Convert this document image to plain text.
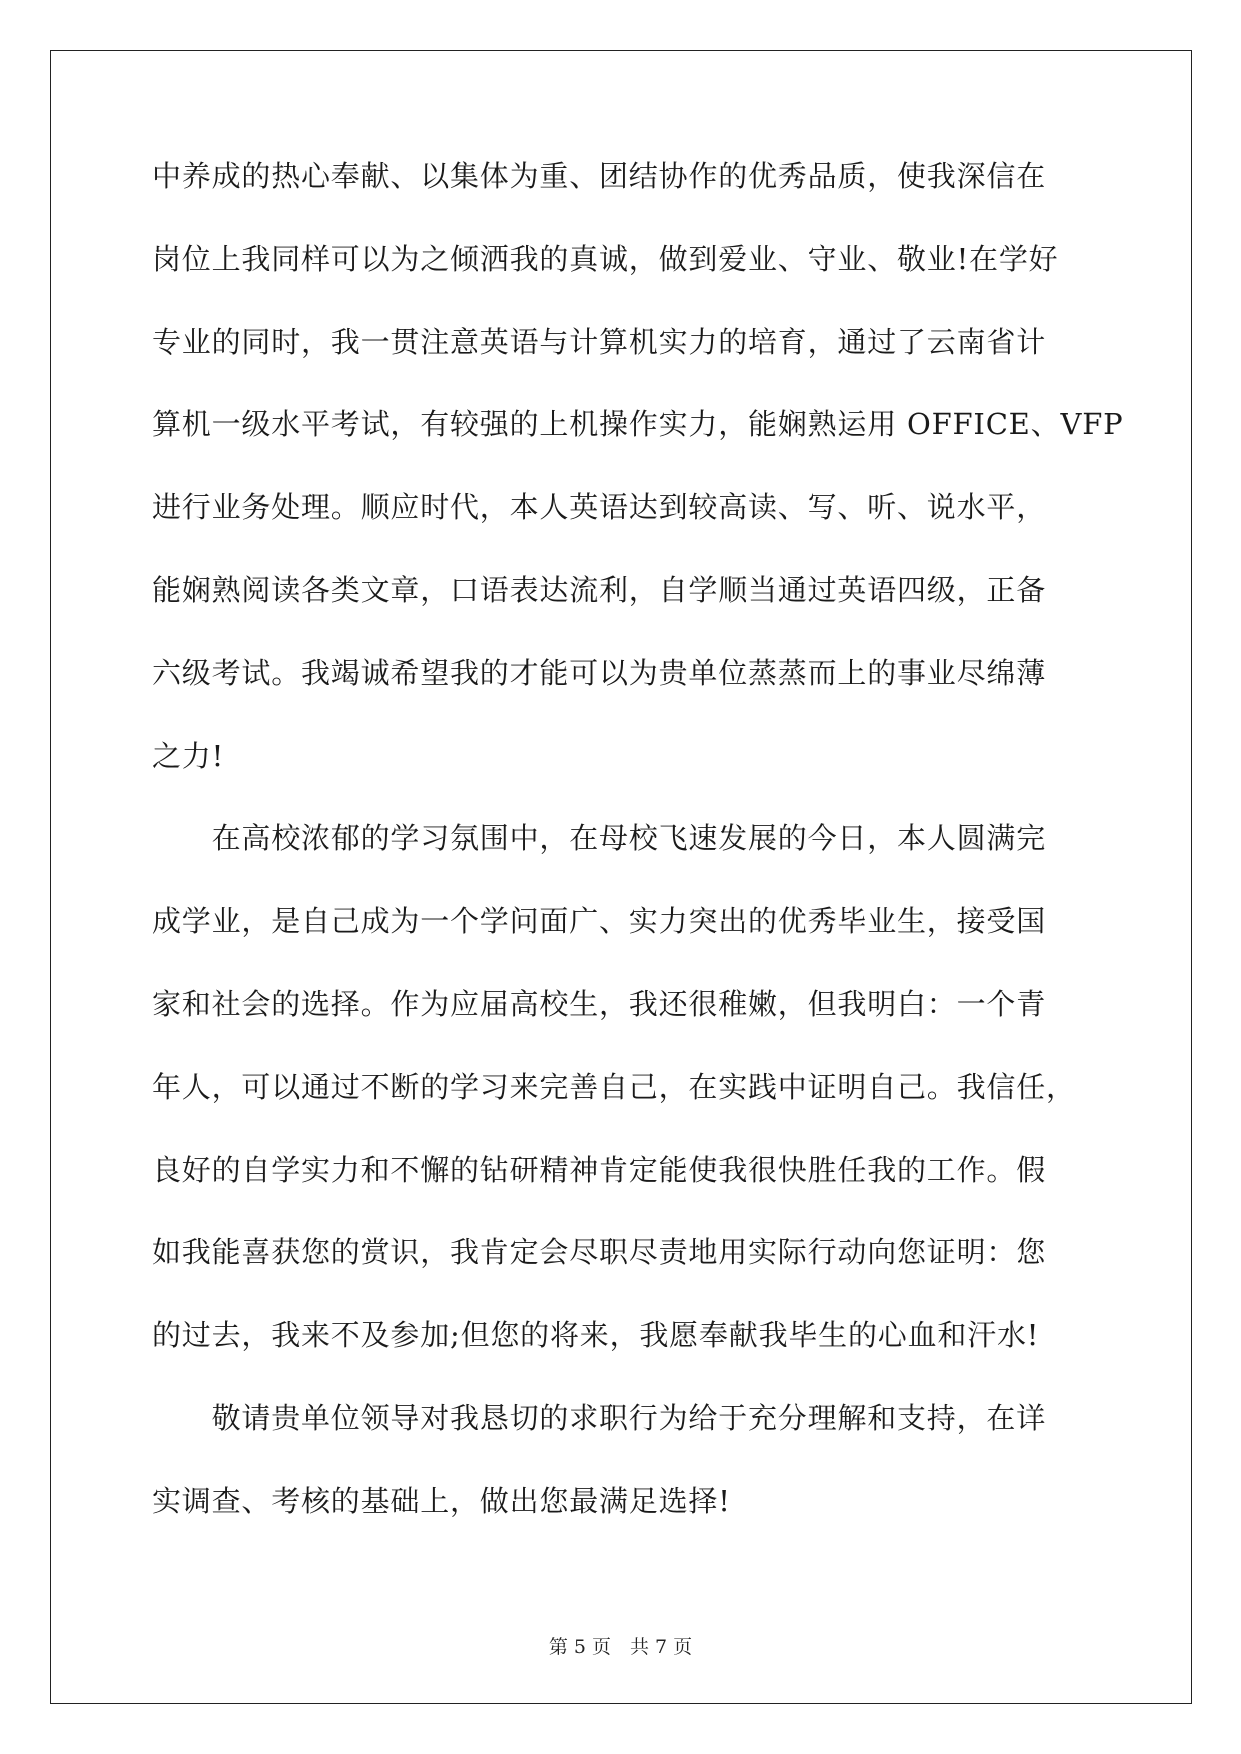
中养成的热心奉献、以集体为重、团结协作的优秀品质，使我深信在
岗位上我同样可以为之倾洒我的真诚，做到爱业、守业、敬业!在学好
专业的同时，我一贯注意英语与计算机实力的培育，通过了云南省计
算机一级水平考试，有较强的上机操作实力，能娴熟运用 OFFICE、VFP
进行业务处理。顺应时代，本人英语达到较高读、写、听、说水平，
能娴熟阅读各类文章，口语表达流利，自学顺当通过英语四级，正备
六级考试。我竭诚希望我的才能可以为贵单位蒸蒸而上的事业尽绵薄
之力!
　　在高校浓郁的学习氛围中，在母校飞速发展的今日，本人圆满完
成学业，是自己成为一个学问面广、实力突出的优秀毕业生，接受国
家和社会的选择。作为应届高校生，我还很稚嫩，但我明白：一个青
年人，可以通过不断的学习来完善自己，在实践中证明自己。我信任，
良好的自学实力和不懈的钻研精神肯定能使我很快胜任我的工作。假
如我能喜获您的赏识，我肯定会尽职尽责地用实际行动向您证明：您
的过去，我来不及参加;但您的将来，我愿奉献我毕生的心血和汗水!
　　敬请贵单位领导对我恳切的求职行为给于充分理解和支持，在详
实调查、考核的基础上，做出您最满足选择!
第 5 页　共 7 页
